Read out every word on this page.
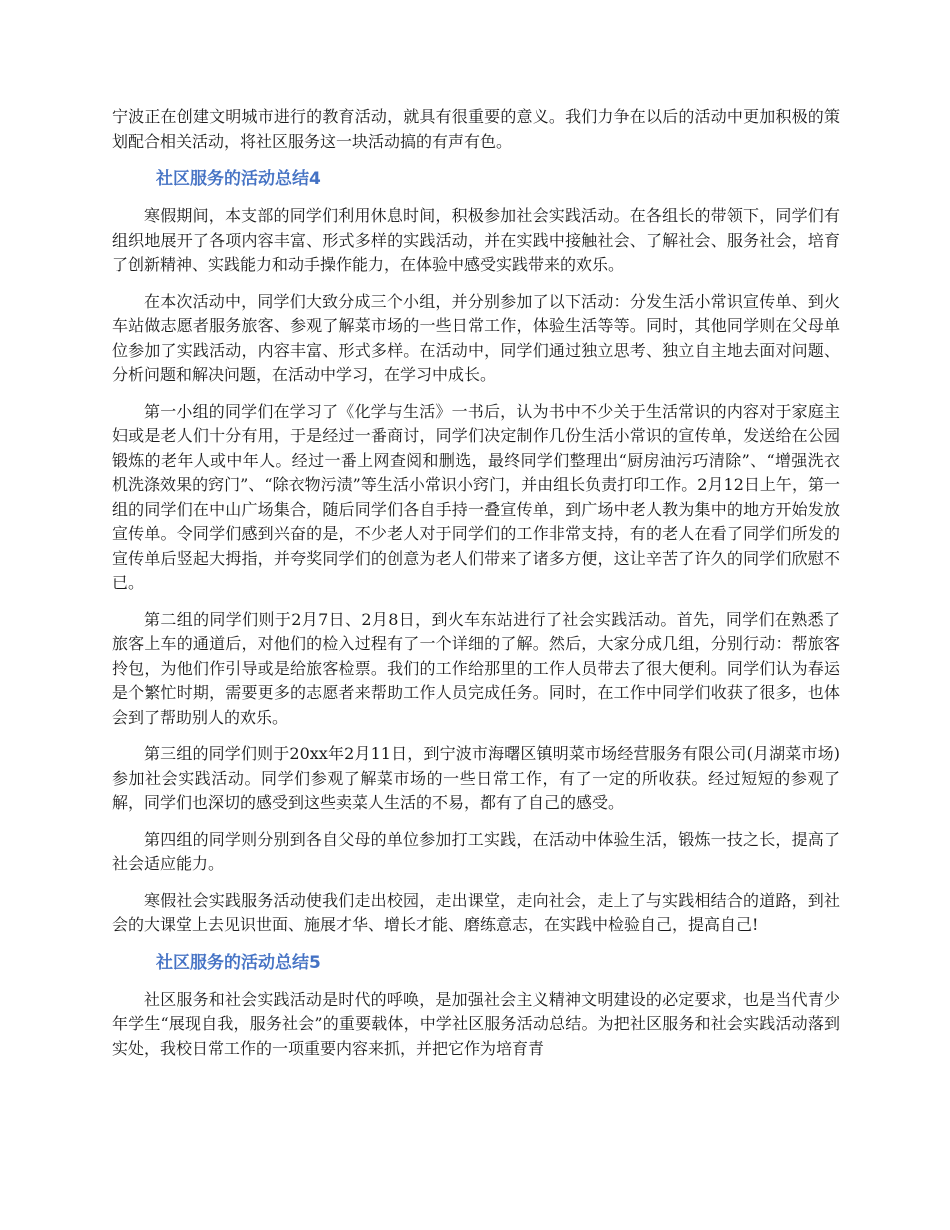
宁波正在创建文明城市进行的教育活动，就具有很重要的意义。我们力争在以后的活动中更加积极的策划配合相关活动，将社区服务这一块活动搞的有声有色。

社区服务的活动总结4

寒假期间，本支部的同学们利用休息时间，积极参加社会实践活动。在各组长的带领下，同学们有组织地展开了各项内容丰富、形式多样的实践活动，并在实践中接触社会、了解社会、服务社会，培育了创新精神、实践能力和动手操作能力，在体验中感受实践带来的欢乐。

在本次活动中，同学们大致分成三个小组，并分别参加了以下活动：分发生活小常识宣传单、到火车站做志愿者服务旅客、参观了解菜市场的一些日常工作，体验生活等等。同时，其他同学则在父母单位参加了实践活动，内容丰富、形式多样。在活动中，同学们通过独立思考、独立自主地去面对问题、分析问题和解决问题，在活动中学习，在学习中成长。

第一小组的同学们在学习了《化学与生活》一书后，认为书中不少关于生活常识的内容对于家庭主妇或是老人们十分有用，于是经过一番商讨，同学们决定制作几份生活小常识的宣传单，发送给在公园锻炼的老年人或中年人。经过一番上网查阅和删选，最终同学们整理出“厨房油污巧清除”、“增强洗衣机洗涤效果的窍门”、“除衣物污渍”等生活小常识小窍门，并由组长负责打印工作。2月12日上午，第一组的同学们在中山广场集合，随后同学们各自手持一叠宣传单，到广场中老人教为集中的地方开始发放宣传单。令同学们感到兴奋的是，不少老人对于同学们的工作非常支持，有的老人在看了同学们所发的宣传单后竖起大拇指，并夸奖同学们的创意为老人们带来了诸多方便，这让辛苦了许久的同学们欣慰不已。

第二组的同学们则于2月7日、2月8日，到火车东站进行了社会实践活动。首先，同学们在熟悉了旅客上车的通道后，对他们的检入过程有了一个详细的了解。然后，大家分成几组，分别行动：帮旅客拎包，为他们作引导或是给旅客检票。我们的工作给那里的工作人员带去了很大便利。同学们认为春运是个繁忙时期，需要更多的志愿者来帮助工作人员完成任务。同时，在工作中同学们收获了很多，也体会到了帮助别人的欢乐。

第三组的同学们则于20xx年2月11日，到宁波市海曙区镇明菜市场经营服务有限公司(月湖菜市场)参加社会实践活动。同学们参观了解菜市场的一些日常工作，有了一定的所收获。经过短短的参观了解，同学们也深切的感受到这些卖菜人生活的不易，都有了自己的感受。

第四组的同学则分别到各自父母的单位参加打工实践，在活动中体验生活，锻炼一技之长，提高了社会适应能力。

寒假社会实践服务活动使我们走出校园，走出课堂，走向社会，走上了与实践相结合的道路，到社会的大课堂上去见识世面、施展才华、增长才能、磨练意志，在实践中检验自己，提高自己!

社区服务的活动总结5

社区服务和社会实践活动是时代的呼唤，是加强社会主义精神文明建设的必定要求，也是当代青少年学生“展现自我，服务社会”的重要载体，中学社区服务活动总结。为把社区服务和社会实践活动落到实处，我校日常工作的一项重要内容来抓，并把它作为培育青
